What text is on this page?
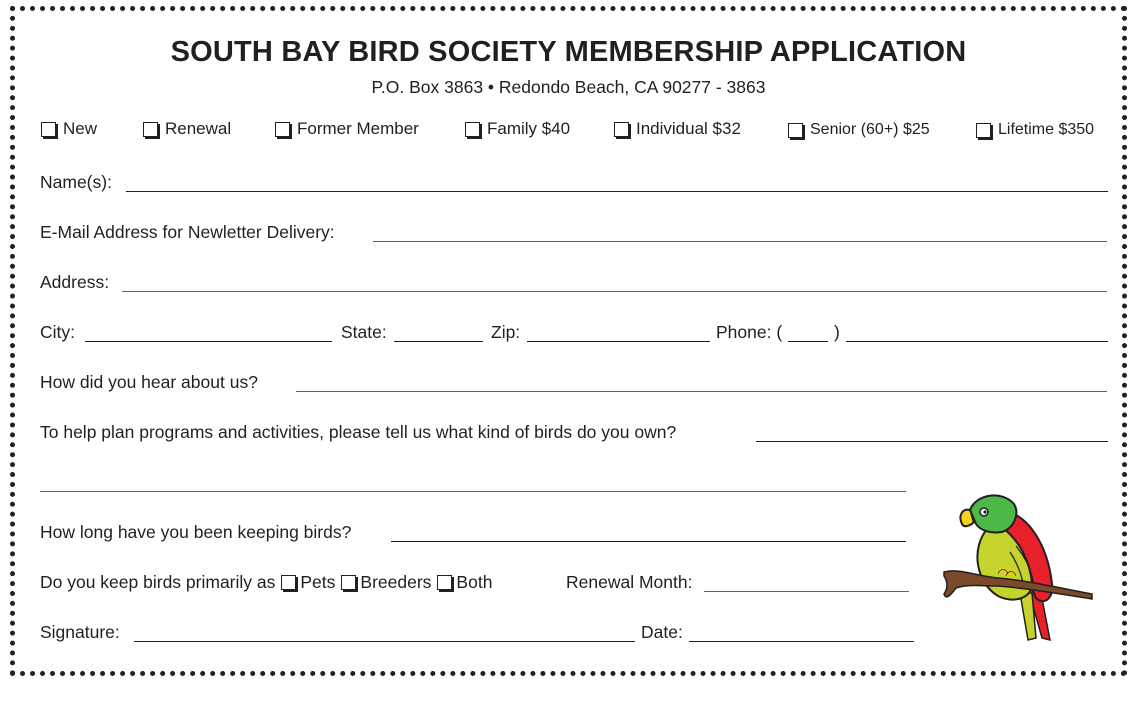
SOUTH BAY BIRD SOCIETY MEMBERSHIP APPLICATION
P.O. Box 3863 • Redondo Beach, CA 90277 - 3863
New	Renewal	Former Member	Family $40	Individual $32	Senior (60+) $25	Lifetime $350
Name(s):
E-Mail Address for Newletter Delivery:
Address:
City:	State:	Zip:	Phone: (	)
How did you hear about us?
To help plan programs and activities, please tell us what kind of birds do you own?
How long have you been keeping birds?
Do you keep birds primarily as Pets Breeders Both	Renewal Month:
Signature:	Date:
